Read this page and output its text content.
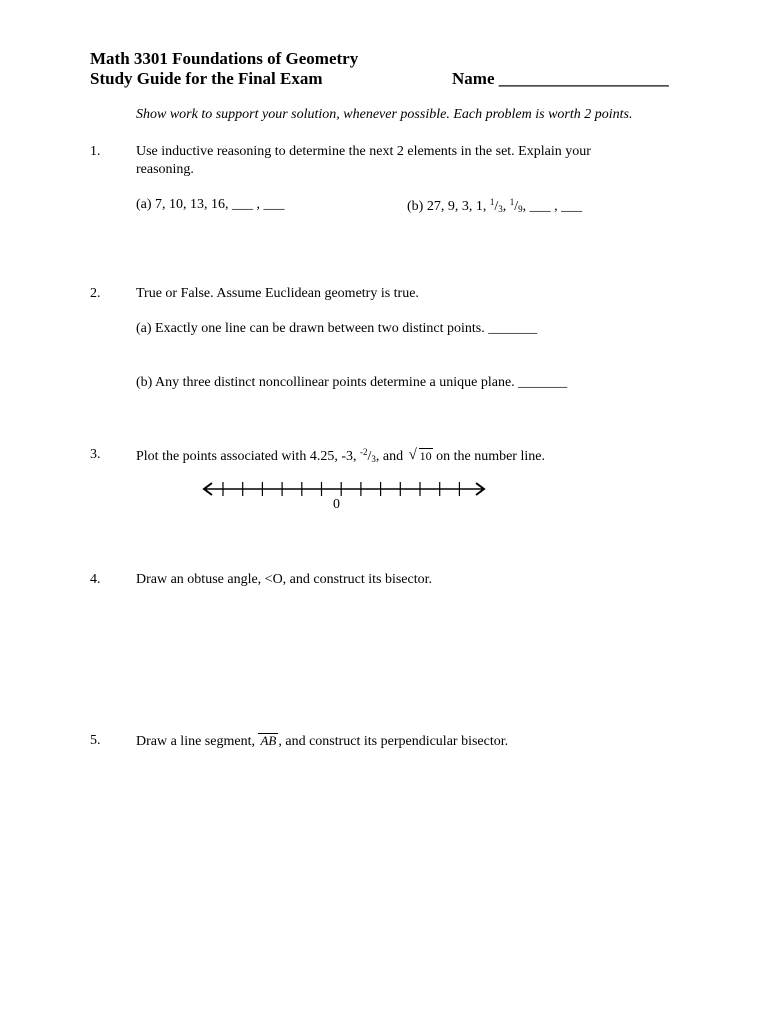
Math 3301 Foundations of Geometry
Study Guide for the Final Exam	Name ____________________
Show work to support your solution, whenever possible. Each problem is worth 2 points.
1.	Use inductive reasoning to determine the next 2 elements in the set. Explain your
reasoning.
(a) 7, 10, 13, 16, ___ , ___	(b) 27, 9, 3, 1, $^1/_3$, $^1/_9$, ___ , ___
2.	True or False. Assume Euclidean geometry is true.
(a) Exactly one line can be drawn between two distinct points. _______
(b) Any three distinct noncollinear points determine a unique plane. _______
3.	Plot the points associated with 4.25, -3, $^{-2}/_3$, and √ 10 on the number line.
0
4.	Draw an obtuse angle, <O, and construct its bisector.
5.	Draw a line segment, AB , and construct its perpendicular bisector.
